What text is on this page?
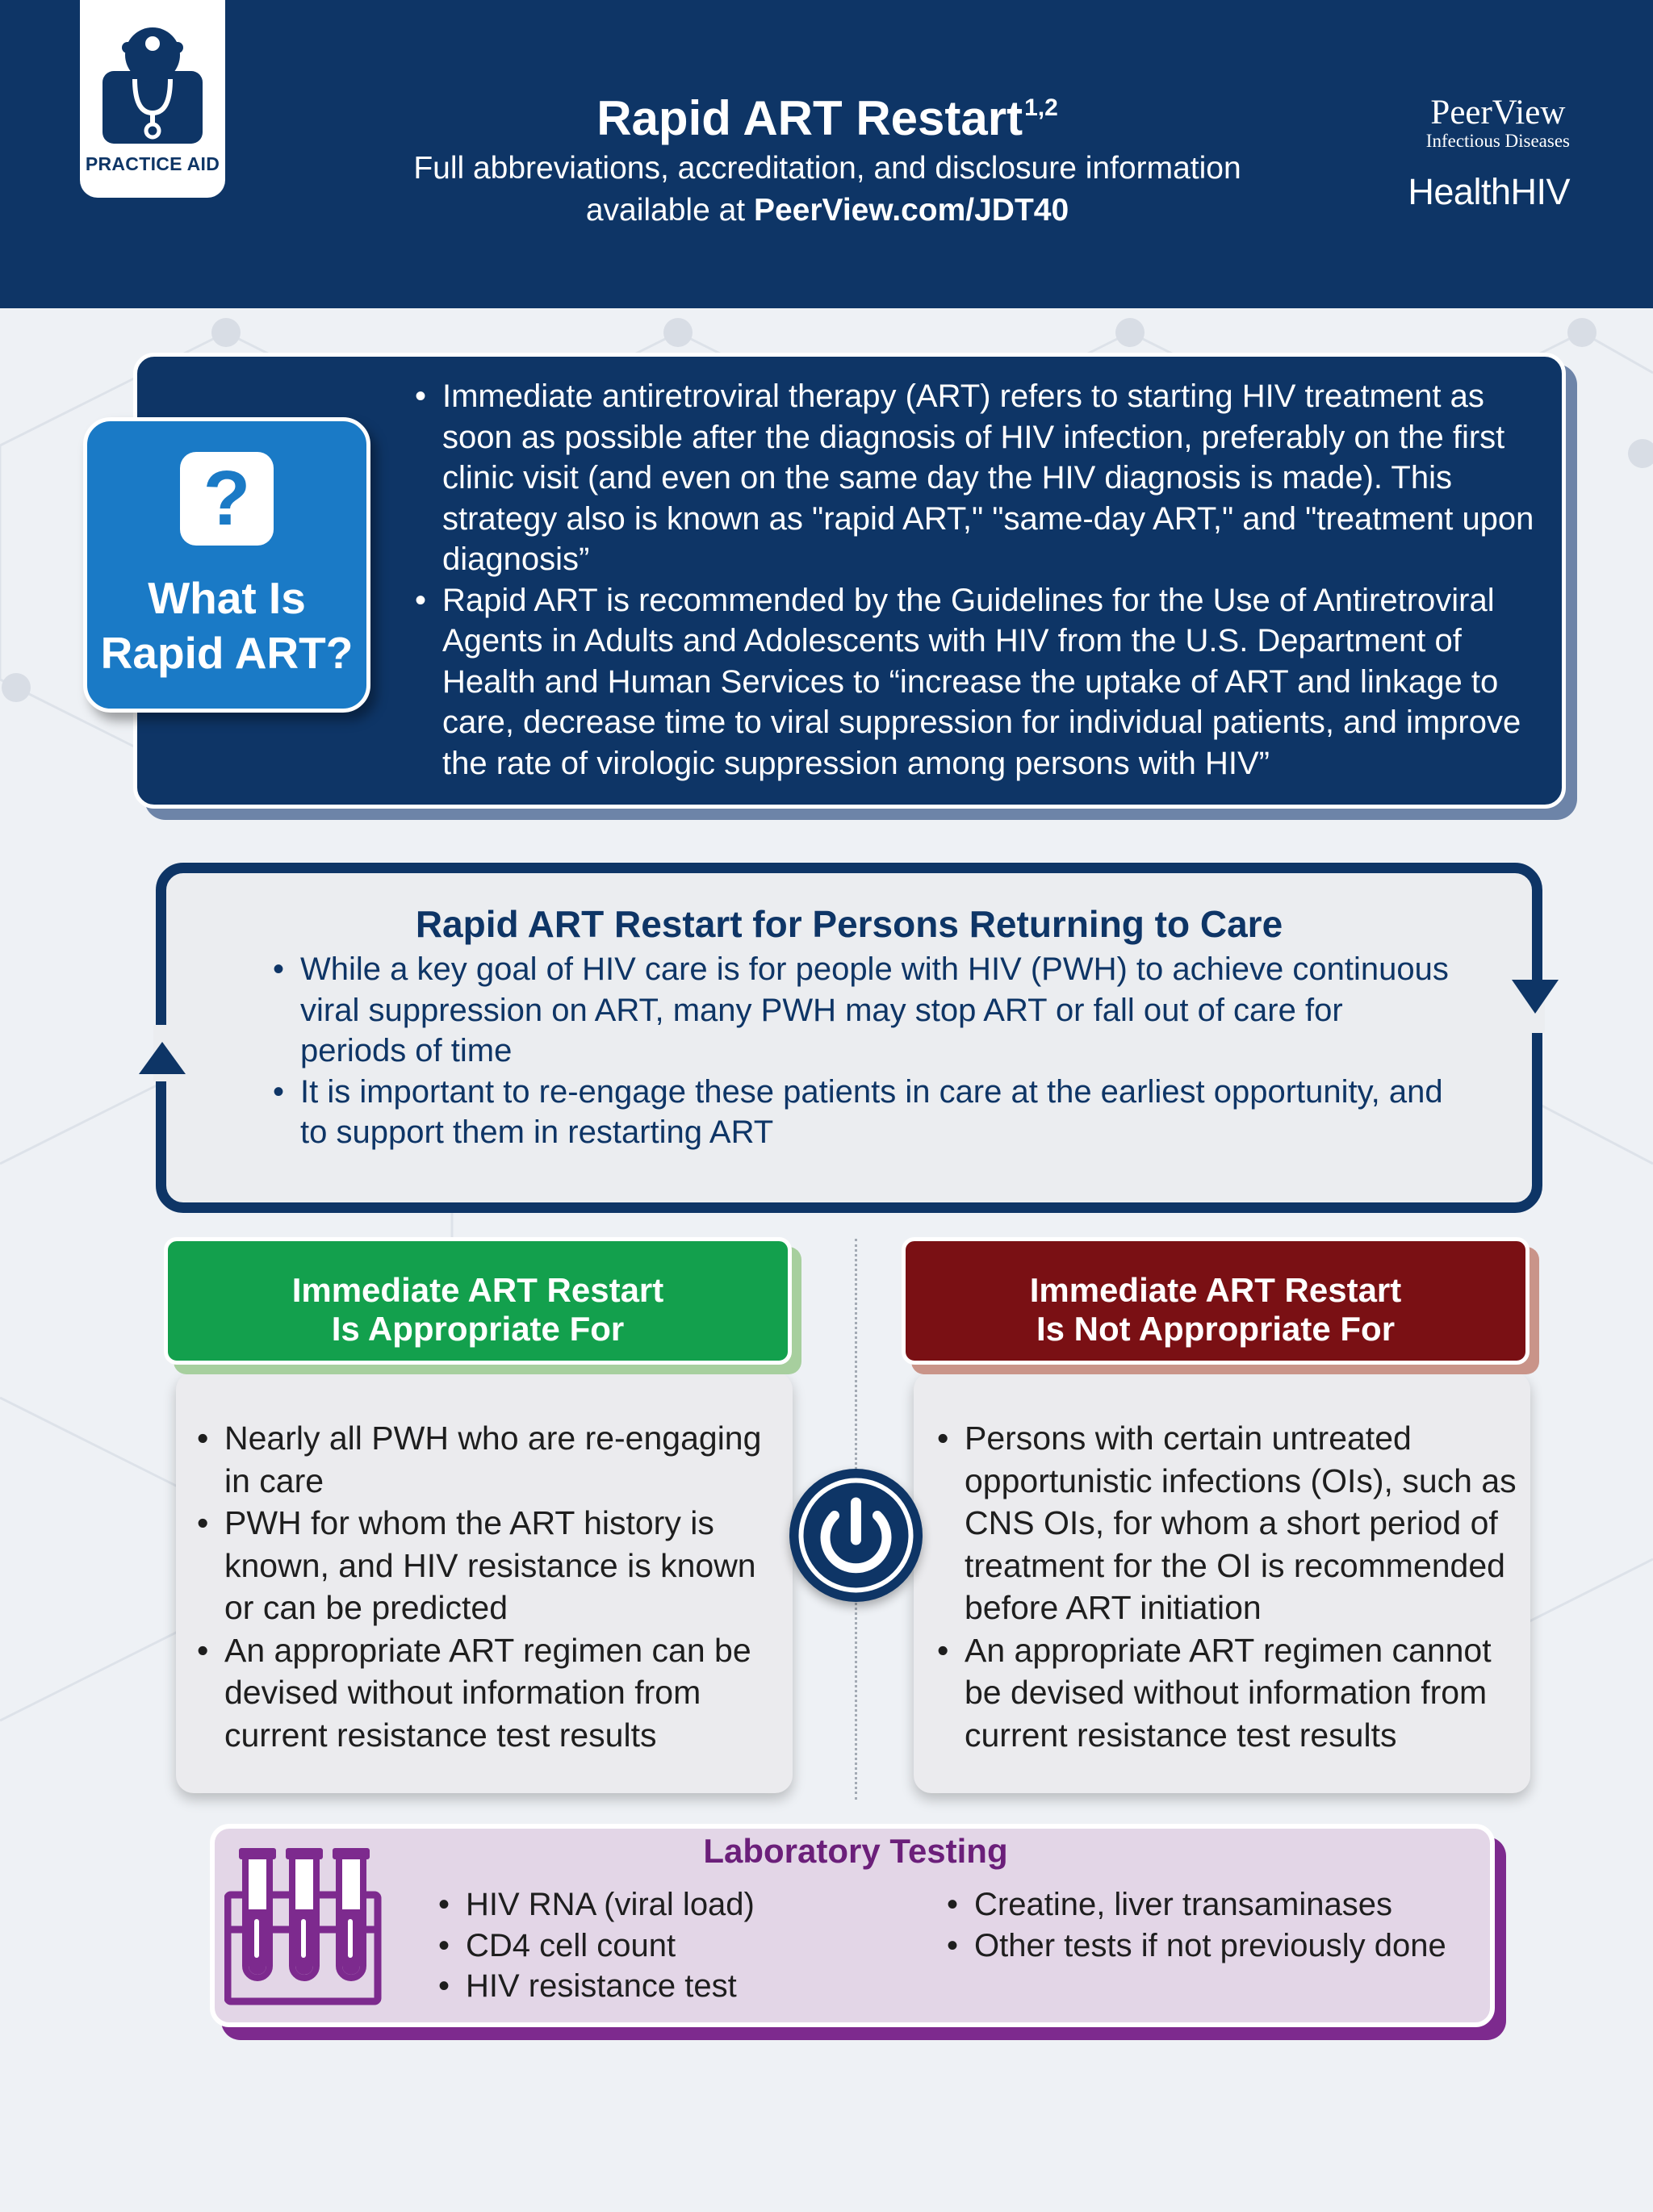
PRACTICE AID
Rapid ART Restart$^{1,2}$
Full abbreviations, accreditation, and disclosure information
available at PeerView.com/JDT40
PeerView
Infectious Diseases
HealthHIV
?
What Is
Rapid ART?
• Immediate antiretroviral therapy (ART) refers to starting HIV treatment as soon as possible after the diagnosis of HIV infection, preferably on the first clinic visit (and even on the same day the HIV diagnosis is made). This strategy also is known as "rapid ART," "same-day ART," and "treatment upon diagnosis”
• Rapid ART is recommended by the Guidelines for the Use of Antiretroviral Agents in Adults and Adolescents with HIV from the U.S. Department of Health and Human Services to “increase the uptake of ART and linkage to care, decrease time to viral suppression for individual patients, and improve the rate of virologic suppression among persons with HIV”
Rapid ART Restart for Persons Returning to Care
• While a key goal of HIV care is for people with HIV (PWH) to achieve continuous viral suppression on ART, many PWH may stop ART or fall out of care for periods of time
• It is important to re-engage these patients in care at the earliest opportunity, and to support them in restarting ART
Immediate ART Restart
Is Appropriate For
• Nearly all PWH who are re-engaging in care
• PWH for whom the ART history is known, and HIV resistance is known or can be predicted
• An appropriate ART regimen can be devised without information from current resistance test results
Immediate ART Restart
Is Not Appropriate For
• Persons with certain untreated opportunistic infections (OIs), such as CNS OIs, for whom a short period of treatment for the OI is recommended before ART initiation
• An appropriate ART regimen cannot be devised without information from current resistance test results
Laboratory Testing
• HIV RNA (viral load)
• CD4 cell count
• HIV resistance test
• Creatine, liver transaminases
• Other tests if not previously done
